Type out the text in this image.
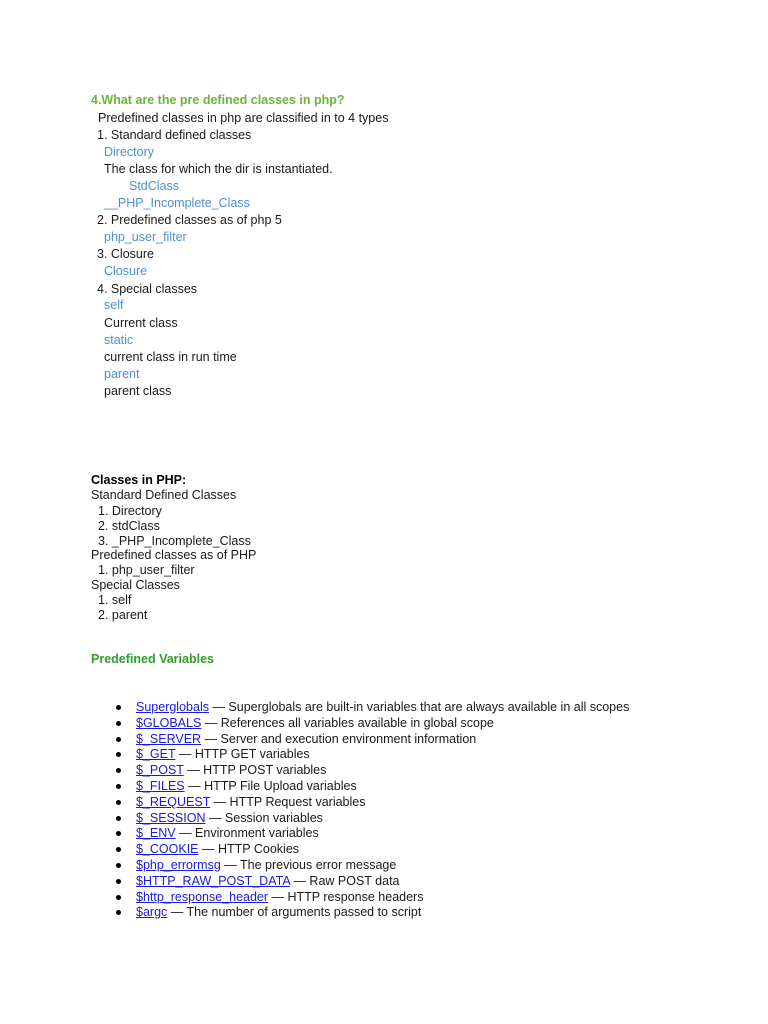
4.What are the pre defined classes in php?
Predefined classes in php are classified in to 4 types
1. Standard defined classes
Directory
The class for which the dir is instantiated.
StdClass
__PHP_Incomplete_Class
2. Predefined classes as of php 5
php_user_filter
3. Closure
Closure
4. Special classes
self
Current class
static
current class in run time
parent
parent class
Classes in PHP:
Standard Defined Classes
1. Directory
2. stdClass
3. _PHP_Incomplete_Class
Predefined classes as of PHP
1. php_user_filter
Special Classes
1. self
2. parent
Predefined Variables
Superglobals — Superglobals are built-in variables that are always available in all scopes
$GLOBALS — References all variables available in global scope
$_SERVER — Server and execution environment information
$_GET — HTTP GET variables
$_POST — HTTP POST variables
$_FILES — HTTP File Upload variables
$_REQUEST — HTTP Request variables
$_SESSION — Session variables
$_ENV — Environment variables
$_COOKIE — HTTP Cookies
$php_errormsg — The previous error message
$HTTP_RAW_POST_DATA — Raw POST data
$http_response_header — HTTP response headers
$argc — The number of arguments passed to script
